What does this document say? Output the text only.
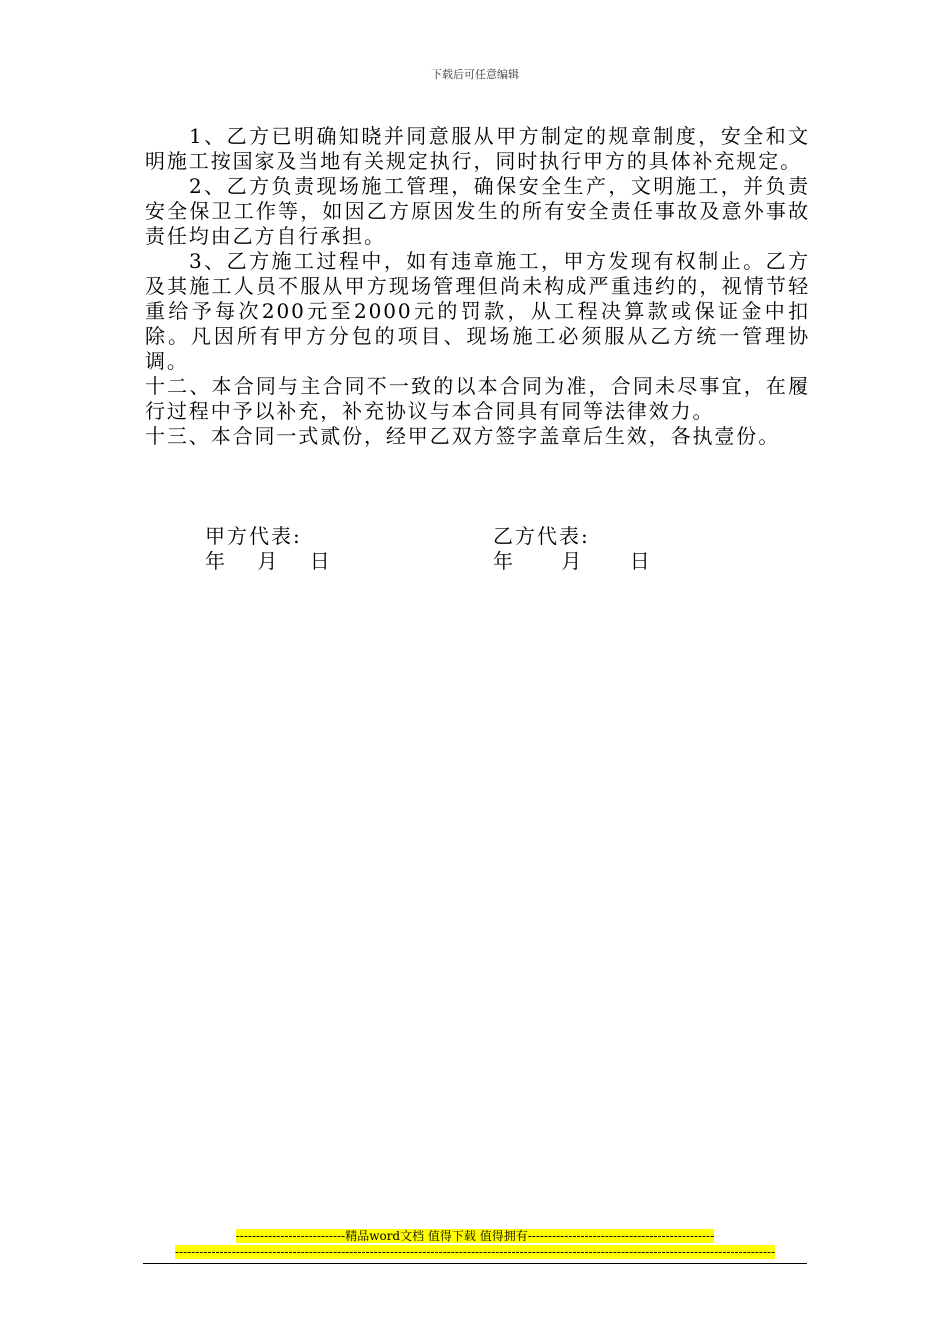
下载后可任意编辑

1、乙方已明确知晓并同意服从甲方制定的规章制度，安全和文明施工按国家及当地有关规定执行，同时执行甲方的具体补充规定。

2、乙方负责现场施工管理，确保安全生产，文明施工，并负责安全保卫工作等，如因乙方原因发生的所有安全责任事故及意外事故责任均由乙方自行承担。

3、乙方施工过程中，如有违章施工，甲方发现有权制止。乙方及其施工人员不服从甲方现场管理但尚未构成严重违约的，视情节轻重给予每次200元至2000元的罚款，从工程决算款或保证金中扣除。凡因所有甲方分包的项目、现场施工必须服从乙方统一管理协调。

十二、本合同与主合同不一致的以本合同为准，合同未尽事宜，在履行过程中予以补充，补充协议与本合同具有同等法律效力。

十三、本合同一式贰份，经甲乙双方签字盖章后生效，各执壹份。

甲方代表:
年 月 日
乙方代表:
年 月 日
---------------------------精品word文档 值得下载 值得拥有----------------------------------------------
----------------------------------------------------------------------------------------------------------------------------------------------------
